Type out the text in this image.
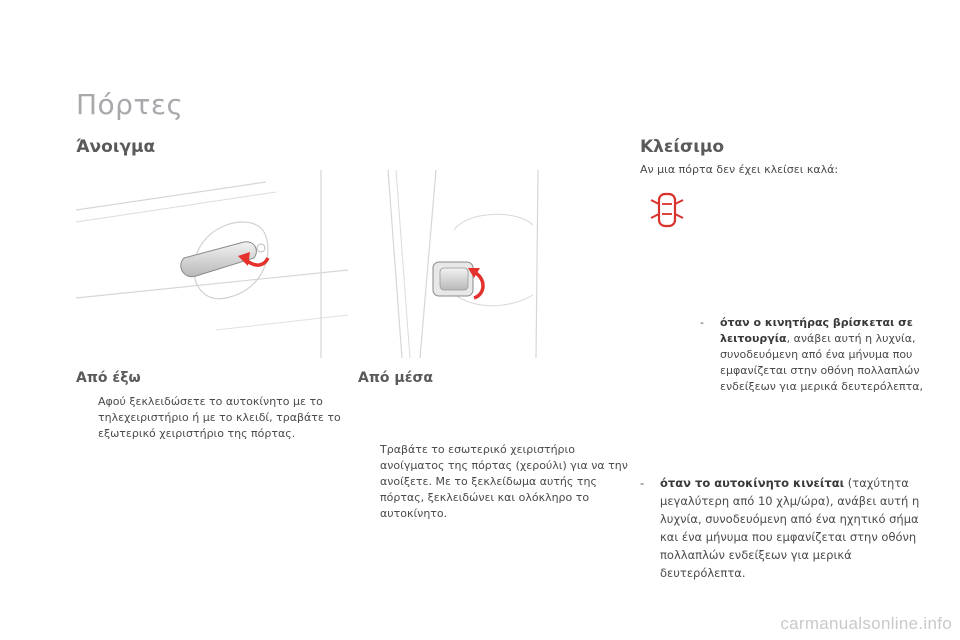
Πόρτες
Άνοιγμα
Από έξω
Αφού ξεκλειδώσετε το αυτοκίνητο με το τηλεχειριστήριο ή με το κλειδί, τραβάτε το εξωτερικό χειριστήριο της πόρτας.
Από μέσα
Τραβάτε το εσωτερικό χειριστήριο ανοίγματος της πόρτας (χερούλι) για να την ανοίξετε. Με το ξεκλείδωμα αυτής της πόρτας, ξεκλειδώνει και ολόκληρο το αυτοκίνητο.
Κλείσιμο
Αν μια πόρτα δεν έχει κλείσει καλά:
- όταν ο κινητήρας βρίσκεται σε λειτουργία, ανάβει αυτή η λυχνία, συνοδευόμενη από ένα μήνυμα που εμφανίζεται στην οθόνη πολλαπλών ενδείξεων για μερικά δευτερόλεπτα,
- όταν το αυτοκίνητο κινείται (ταχύτητα μεγαλύτερη από 10 χλμ/ώρα), ανάβει αυτή η λυχνία, συνοδευόμενη από ένα ηχητικό σήμα και ένα μήνυμα που εμφανίζεται στην οθόνη πολλαπλών ενδείξεων για μερικά δευτερόλεπτα.
carmanualsonline.info
